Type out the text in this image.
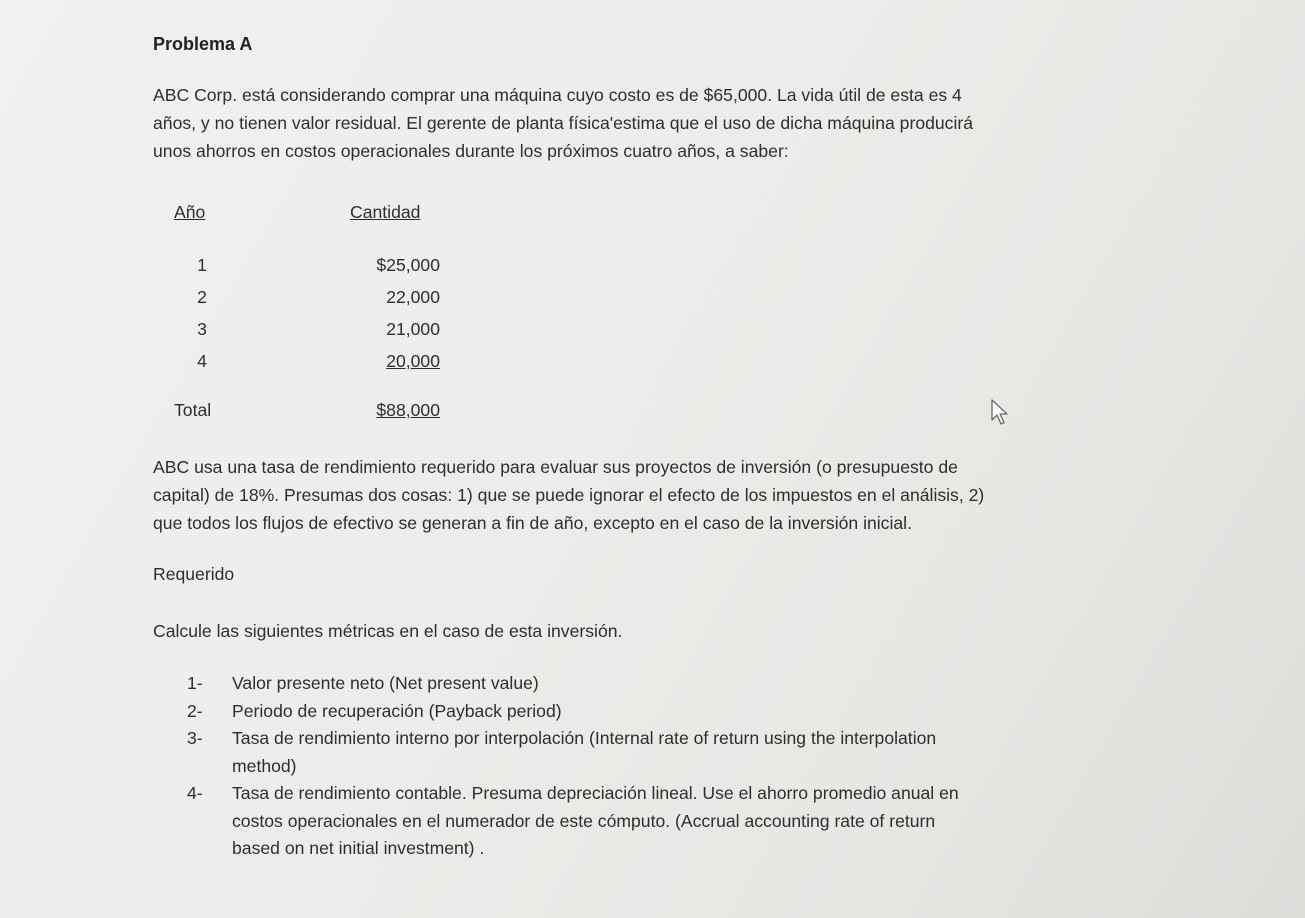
Problema A
ABC Corp. está considerando comprar una máquina cuyo costo es de $65,000. La vida útil de esta es 4
años, y no tienen valor residual. El gerente de planta física'estima que el uso de dicha máquina producirá
unos ahorros en costos operacionales durante los próximos cuatro años, a saber:
Año	Cantidad
1	$25,000
2	22,000
3	21,000
4	20,000
Total	$88,000
ABC usa una tasa de rendimiento requerido para evaluar sus proyectos de inversión (o presupuesto de
capital) de 18%. Presumas dos cosas: 1) que se puede ignorar el efecto de los impuestos en el análisis, 2)
que todos los flujos de efectivo se generan a fin de año, excepto en el caso de la inversión inicial.
Requerido
Calcule las siguientes métricas en el caso de esta inversión.
1- Valor presente neto (Net present value)
2- Periodo de recuperación (Payback period)
3- Tasa de rendimiento interno por interpolación (Internal rate of return using the interpolation
method)
4- Tasa de rendimiento contable. Presuma depreciación lineal. Use el ahorro promedio anual en
costos operacionales en el numerador de este cómputo. (Accrual accounting rate of return
based on net initial investment) .
